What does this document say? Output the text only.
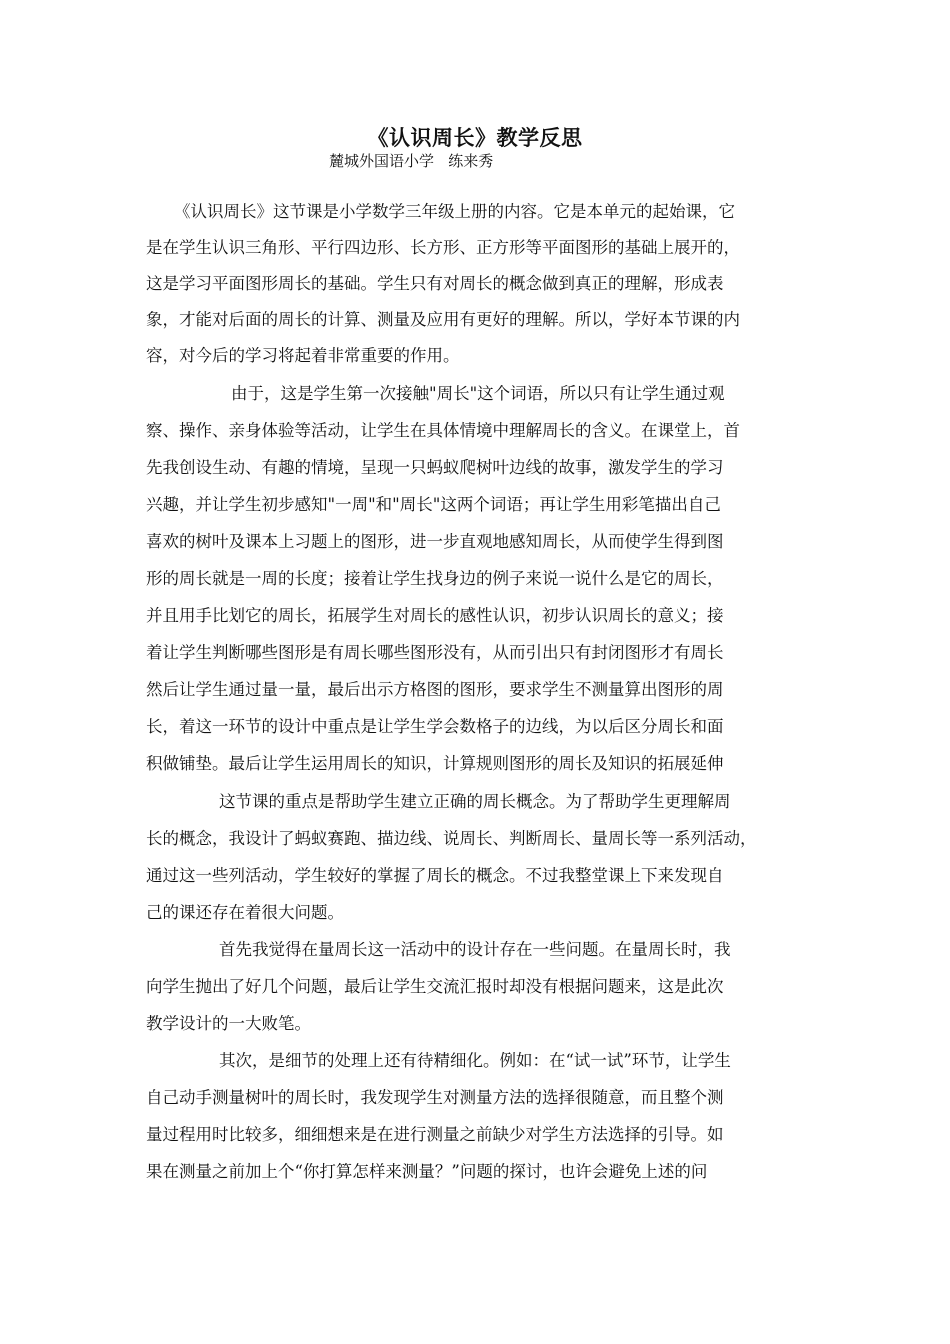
《认识周长》教学反思
麓城外国语小学   练来秀
《认识周长》这节课是小学数学三年级上册的内容。它是本单元的起始课，它
是在学生认识三角形、平行四边形、长方形、正方形等平面图形的基础上展开的，
这是学习平面图形周长的基础。学生只有对周长的概念做到真正的理解，形成表
象，才能对后面的周长的计算、测量及应用有更好的理解。所以，学好本节课的内
容，对今后的学习将起着非常重要的作用。
由于，这是学生第一次接触"周长"这个词语，所以只有让学生通过观
察、操作、亲身体验等活动，让学生在具体情境中理解周长的含义。在课堂上，首
先我创设生动、有趣的情境，呈现一只蚂蚁爬树叶边线的故事，激发学生的学习
兴趣，并让学生初步感知"一周"和"周长"这两个词语；再让学生用彩笔描出自己
喜欢的树叶及课本上习题上的图形，进一步直观地感知周长，从而使学生得到图
形的周长就是一周的长度；接着让学生找身边的例子来说一说什么是它的周长，
并且用手比划它的周长，拓展学生对周长的感性认识，初步认识周长的意义；接
着让学生判断哪些图形是有周长哪些图形没有，从而引出只有封闭图形才有周长
然后让学生通过量一量，最后出示方格图的图形，要求学生不测量算出图形的周
长，着这一环节的设计中重点是让学生学会数格子的边线，为以后区分周长和面
积做铺垫。最后让学生运用周长的知识，计算规则图形的周长及知识的拓展延伸
这节课的重点是帮助学生建立正确的周长概念。为了帮助学生更理解周
长的概念，我设计了蚂蚁赛跑、描边线、说周长、判断周长、量周长等一系列活动，
通过这一些列活动，学生较好的掌握了周长的概念。不过我整堂课上下来发现自
己的课还存在着很大问题。
首先我觉得在量周长这一活动中的设计存在一些问题。在量周长时，我
向学生抛出了好几个问题，最后让学生交流汇报时却没有根据问题来，这是此次
教学设计的一大败笔。
其次，是细节的处理上还有待精细化。例如：在“试一试”环节，让学生
自己动手测量树叶的周长时，我发现学生对测量方法的选择很随意，而且整个测
量过程用时比较多，细细想来是在进行测量之前缺少对学生方法选择的引导。如
果在测量之前加上个“你打算怎样来测量？”问题的探讨，也许会避免上述的问
